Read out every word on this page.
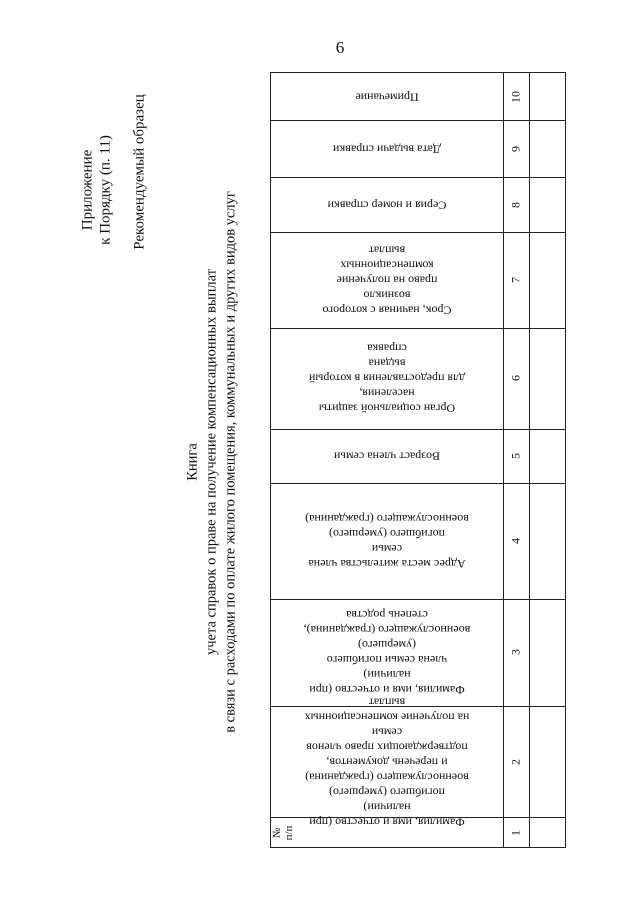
6
Приложение к Порядку (п. 11) Рекомендуемый образец
Книга учета справок о праве на получение компенсационных выплат в связи с расходами по оплате жилого помещения, коммунальных и других видов услуг
Примечание	10
Дата выдачи справки	9
Серия и номер справки	8
Срок, начиная с которого возникло
право на получение компенсационных
выплат
7
Орган социальной защиты населения,
для предоставления в который выдана
справка
6
Возраст члена семьи	5
Адрес места жительства члена семьи
погибшего (умершего)
военнослужащего (гражданина)
4
Фамилия, имя и отчество (при наличии)
члена семьи погибшего (умершего)
военнослужащего (гражданина),
степень родства
3
Фамилия, имя и отчество (при наличии)
погибшего (умершего)
военнослужащего (гражданина)
и перечень документов,
подтверждающих право членов семьи
на получение компенсационных выплат
2
№
п/п	1
